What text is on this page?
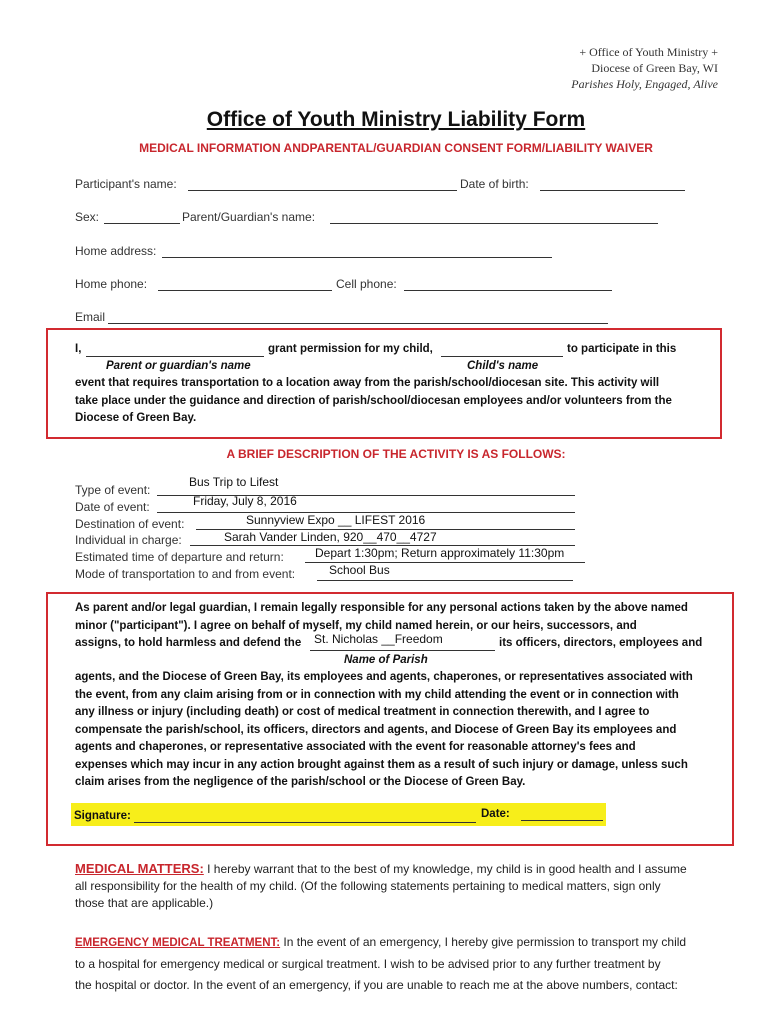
+ Office of Youth Ministry +
Diocese of Green Bay, WI
Parishes Holy, Engaged, Alive
Office of Youth Ministry Liability Form
MEDICAL INFORMATION ANDPARENTAL/GUARDIAN CONSENT FORM/LIABILITY WAIVER
Participant's name:	Date of birth:
Sex:	Parent/Guardian's name:
Home address:
Home phone:	Cell phone:
Email
I,	grant permission for my child,	to participate in this
Parent or guardian's name	Child's name
event that requires transportation to a location away from the parish/school/diocesan site. This activity will
take place under the guidance and direction of parish/school/diocesan employees and/or volunteers from the
Diocese of Green Bay.
A BRIEF DESCRIPTION OF THE ACTIVITY IS AS FOLLOWS:
Type of event:
Bus Trip to Lifest
Date of event:	Friday, July 8, 2016
Destination of event:	Sunnyview Expo __ LIFEST 2016
Individual in charge:	Sarah Vander Linden, 920__470__4727
Estimated time of departure and return:	Depart 1:30pm; Return approximately 11:30pm
Mode of transportation to and from event:	School Bus
As parent and/or legal guardian, I remain legally responsible for any personal actions taken by the above named
minor ("participant"). I agree on behalf of myself, my child named herein, or our heirs, successors, and
assigns, to hold harmless and defend the St. Nicholas __Freedom	its officers, directors, employees and
Name of Parish
agents, and the Diocese of Green Bay, its employees and agents, chaperones, or representatives associated with
the event, from any claim arising from or in connection with my child attending the event or in connection with
any illness or injury (including death) or cost of medical treatment in connection therewith, and I agree to
compensate the parish/school, its officers, directors and agents, and Diocese of Green Bay its employees and
agents and chaperones, or representative associated with the event for reasonable attorney's fees and
expenses which may incur in any action brought against them as a result of such injury or damage, unless such
claim arises from the negligence of the parish/school or the Diocese of Green Bay.
Signature:	Date:
MEDICAL MATTERS: I hereby warrant that to the best of my knowledge, my child is in good health and I assume
all responsibility for the health of my child. (Of the following statements pertaining to medical matters, sign only
those that are applicable.)
EMERGENCY MEDICAL TREATMENT: In the event of an emergency, I hereby give permission to transport my child
to a hospital for emergency medical or surgical treatment. I wish to be advised prior to any further treatment by
the hospital or doctor. In the event of an emergency, if you are unable to reach me at the above numbers, contact:
